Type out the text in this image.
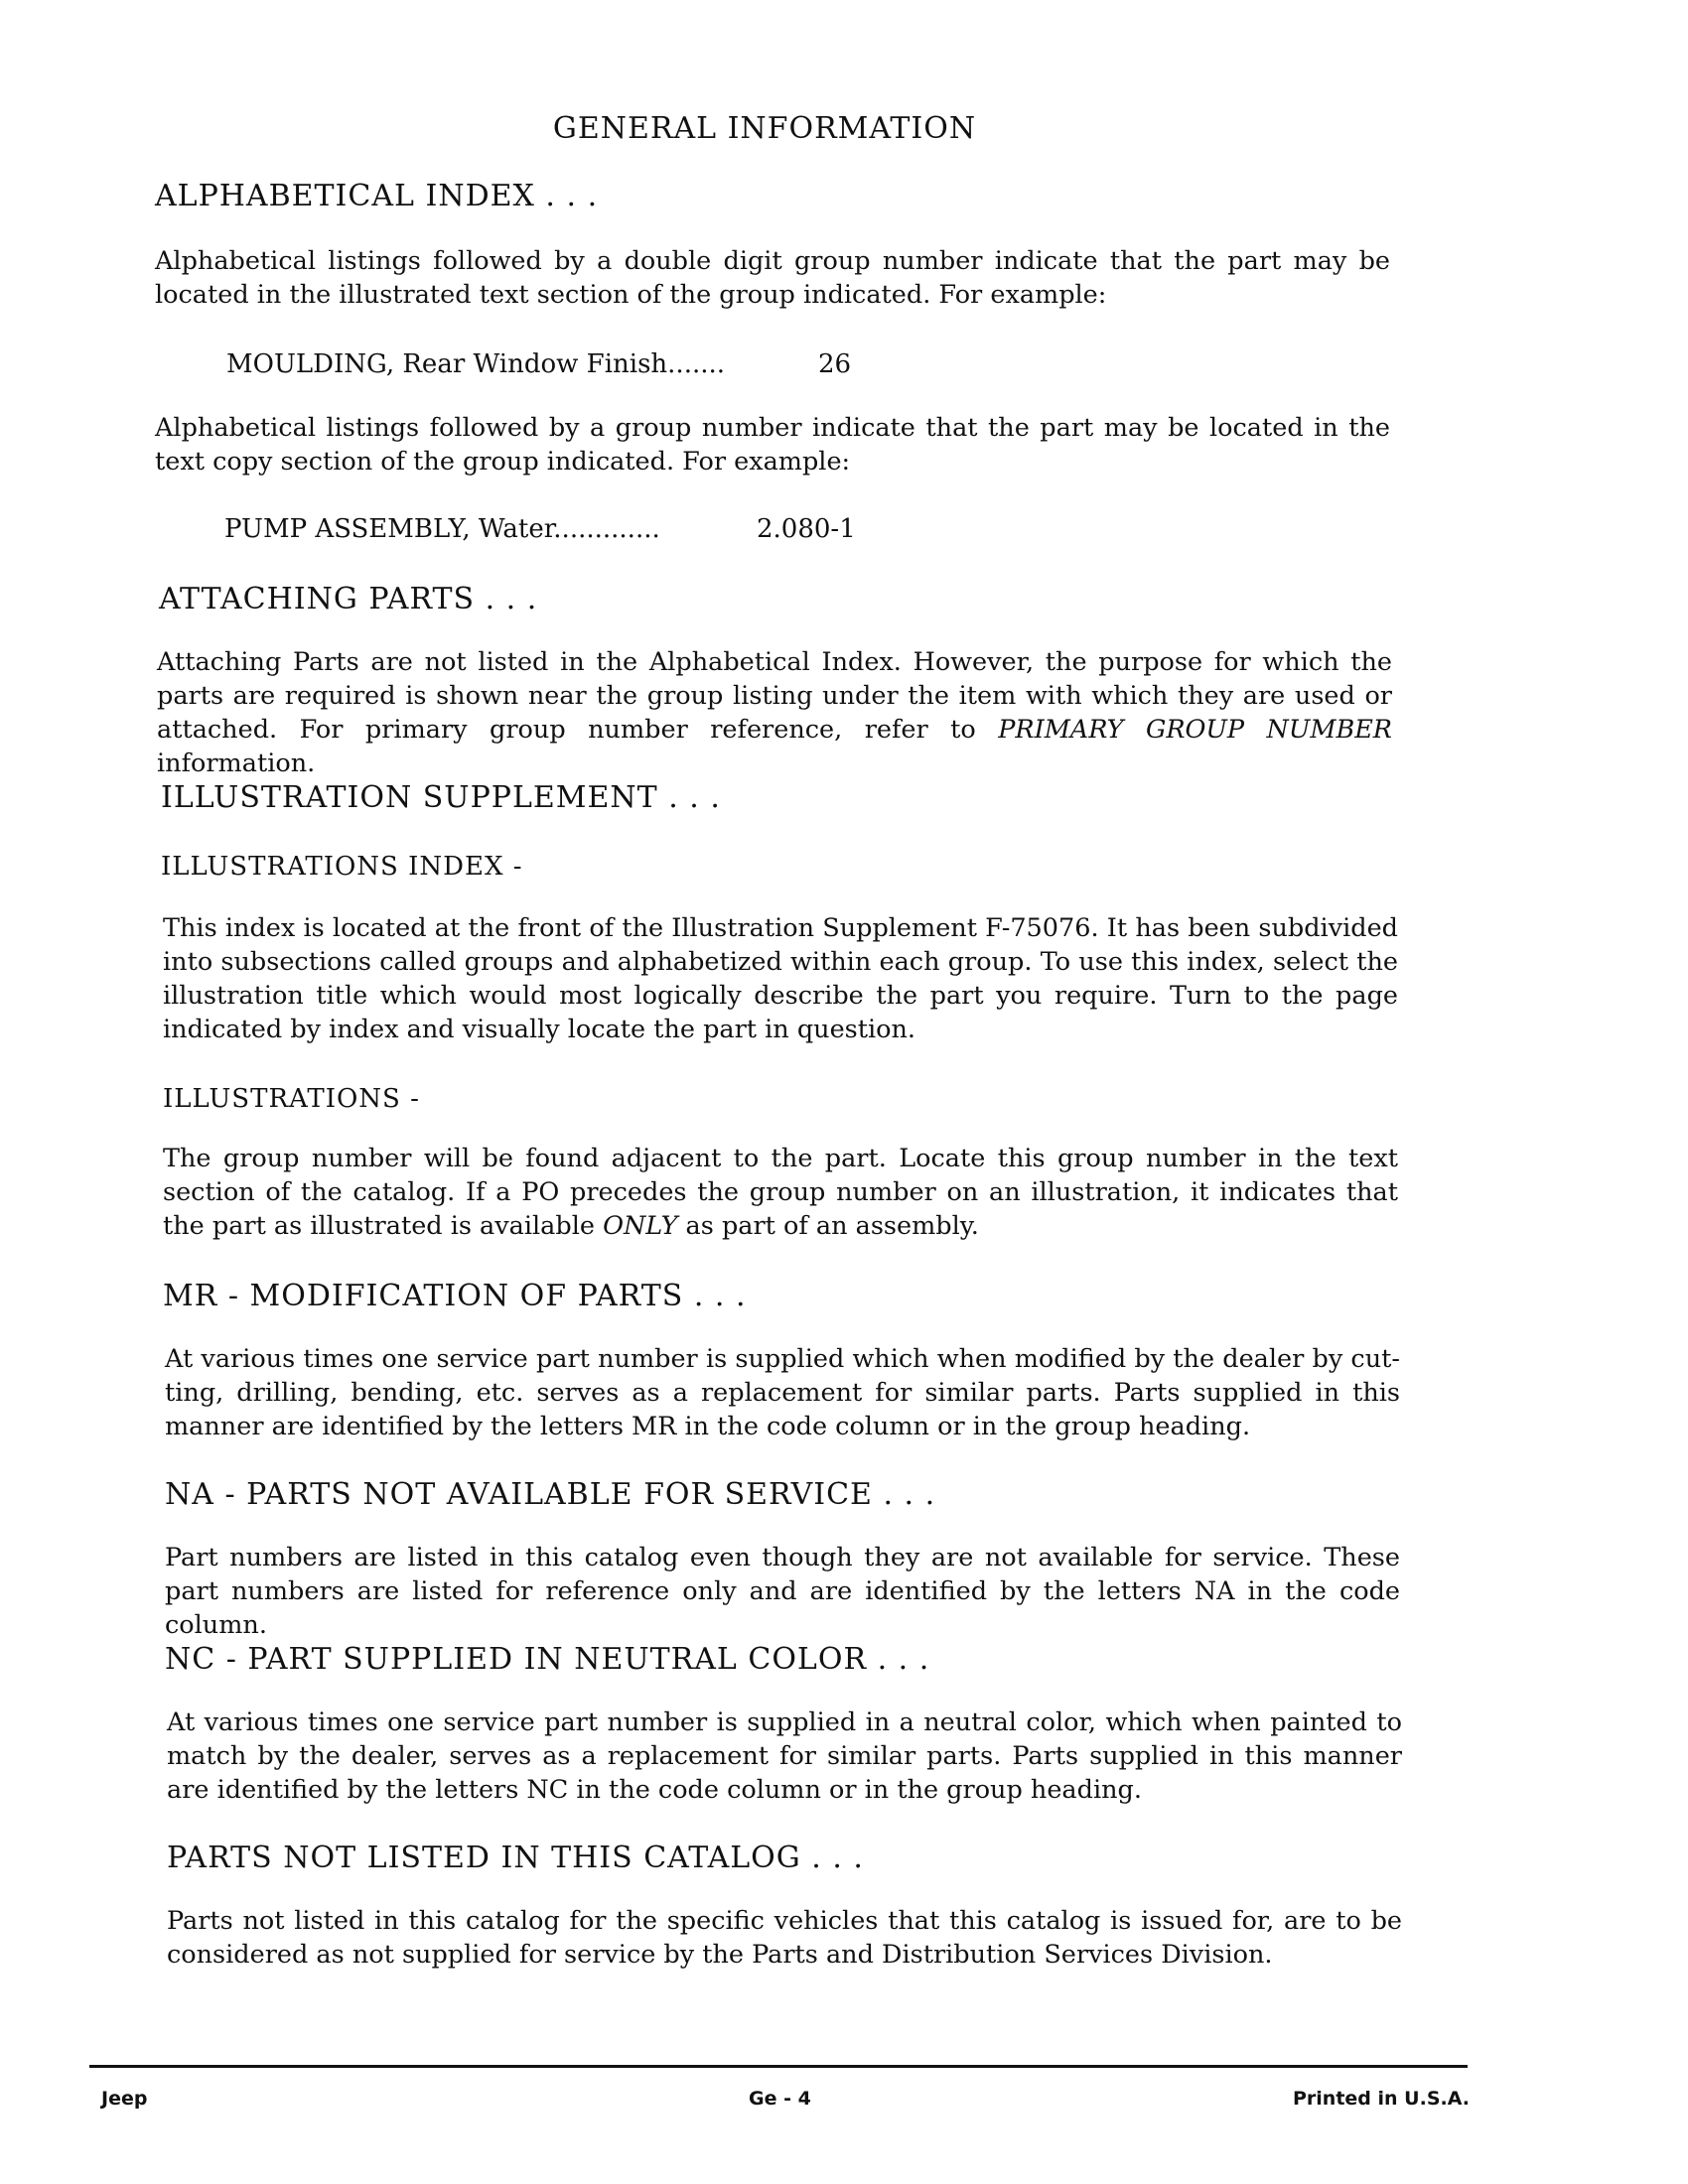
GENERAL INFORMATION
ALPHABETICAL INDEX . . .
Alphabetical listings followed by a double digit group number indicate that the part may be located in the illustrated text section of the group indicated. For example:
MOULDING, Rear Window Finish.......	26
Alphabetical listings followed by a group number indicate that the part may be located in the text copy section of the group indicated. For example:
PUMP ASSEMBLY, Water.............	2.080-1
ATTACHING PARTS . . .
Attaching Parts are not listed in the Alphabetical Index. However, the purpose for which the parts are required is shown near the group listing under the item with which they are used or attached. For primary group number reference, refer to PRIMARY GROUP NUMBER information.
ILLUSTRATION SUPPLEMENT . . .
ILLUSTRATIONS INDEX -
This index is located at the front of the Illustration Supplement F-75076. It has been subdivided into subsections called groups and alphabetized within each group. To use this index, select the illustration title which would most logically describe the part you require. Turn to the page indicated by index and visually locate the part in question.
ILLUSTRATIONS -
The group number will be found adjacent to the part. Locate this group number in the text section of the catalog. If a PO precedes the group number on an illustration, it indicates that the part as illustrated is available ONLY as part of an assembly.
MR - MODIFICATION OF PARTS . . .
At various times one service part number is supplied which when modified by the dealer by cut- ting, drilling, bending, etc. serves as a replacement for similar parts. Parts supplied in this manner are identified by the letters MR in the code column or in the group heading.
NA - PARTS NOT AVAILABLE FOR SERVICE . . .
Part numbers are listed in this catalog even though they are not available for service. These part numbers are listed for reference only and are identified by the letters NA in the code column.
NC - PART SUPPLIED IN NEUTRAL COLOR . . .
At various times one service part number is supplied in a neutral color, which when painted to match by the dealer, serves as a replacement for similar parts. Parts supplied in this manner are identified by the letters NC in the code column or in the group heading.
PARTS NOT LISTED IN THIS CATALOG . . .
Parts not listed in this catalog for the specific vehicles that this catalog is issued for, are to be considered as not supplied for service by the Parts and Distribution Services Division.
Jeep	Ge - 4	Printed in U.S.A.
